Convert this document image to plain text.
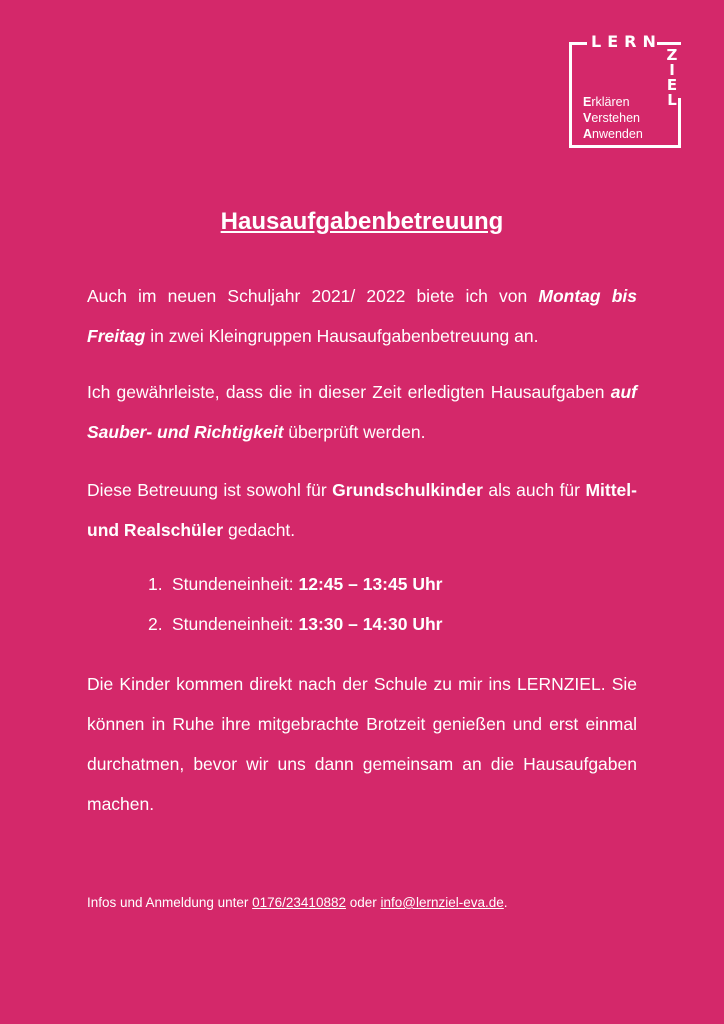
LERN
Z
I
E
L
Erklären
Verstehen
Anwenden
Hausaufgabenbetreuung
Auch im neuen Schuljahr 2021/ 2022 biete ich von Montag bis Freitag in zwei Kleingruppen Hausaufgabenbetreuung an.
Ich gewährleiste, dass die in dieser Zeit erledigten Hausaufgaben auf Sauber- und Richtigkeit überprüft werden.
Diese Betreuung ist sowohl für Grundschulkinder als auch für Mittel- und Realschüler gedacht.
1. Stundeneinheit: 12:45 – 13:45 Uhr
2. Stundeneinheit: 13:30 – 14:30 Uhr
Die Kinder kommen direkt nach der Schule zu mir ins LERNZIEL. Sie können in Ruhe ihre mitgebrachte Brotzeit genießen und erst einmal durchatmen, bevor wir uns dann gemeinsam an die Hausaufgaben machen.
Infos und Anmeldung unter 0176/23410882 oder info@lernziel-eva.de.
